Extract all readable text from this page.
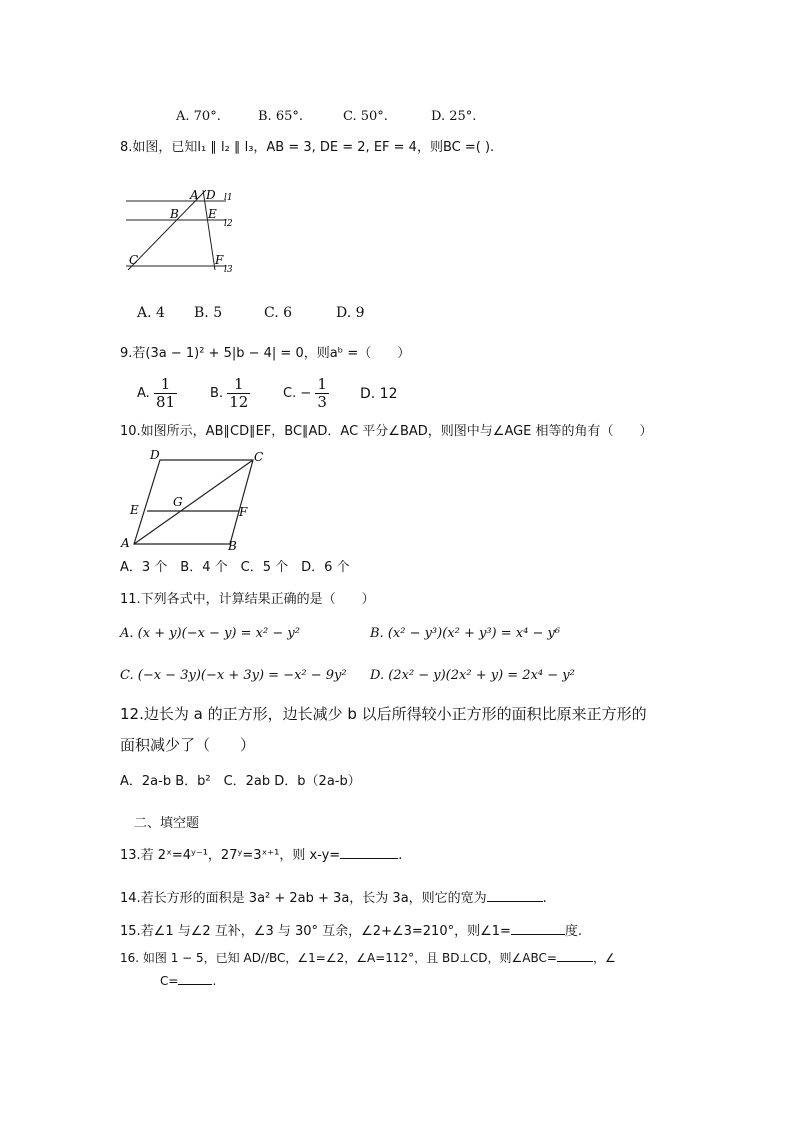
A. 70°.	B. 65°.	C. 50°.	D. 25°.
8.如图，已知l₁ ∥ l₂ ∥ l₃，AB = 3, DE = 2, EF = 4，则BC =( ).
A D
B E
C	F
l1
l2
l3
A. 4 B. 5	C. 6	D. 9
9.若(3a − 1)² + 5|b − 4| = 0，则aᵇ =（　　）
A. $\frac{1}{81}$	B. $\frac{1}{12}$	C. − $\frac{1}{3} D$. 12
10.如图所示，AB∥CD∥EF，BC∥AD．AC 平分∠BAD，则图中与∠AGE 相等的角有（　　）
D	C
G
E	F
A	B
A．3 个　B．4 个　C．5 个　D．6 个
11.下列各式中，计算结果正确的是（　　）
A. (x + y)(−x − y) = x² − y²	B. (x² − y³)(x² + y³) = x⁴ − y⁶
C. (−x − 3y)(−x + 3y) = −x² − 9y² D. (2x² − y)(2x² + y) = 2x⁴ − y²
12.边长为 a 的正方形，边长减少 b 以后所得较小正方形的面积比原来正方形的
面积减少了（　　）
A．2a-b B．b²　C．2ab D．b（2a-b）
二、填空题
13.若 2ˣ=4ʸ⁻¹，27ʸ=3ˣ⁺¹，则 x-y=	.
14.若长方形的面积是 3a² + 2ab + 3a，长为 3a，则它的宽为	.
15.若∠1 与∠2 互补，∠3 与 30° 互余，∠2+∠3=210°，则∠1=	度.
16. 如图 1 − 5，已知 AD//BC，∠1=∠2，∠A=112°，且 BD⊥CD，则∠ABC=	，∠
C=	.
